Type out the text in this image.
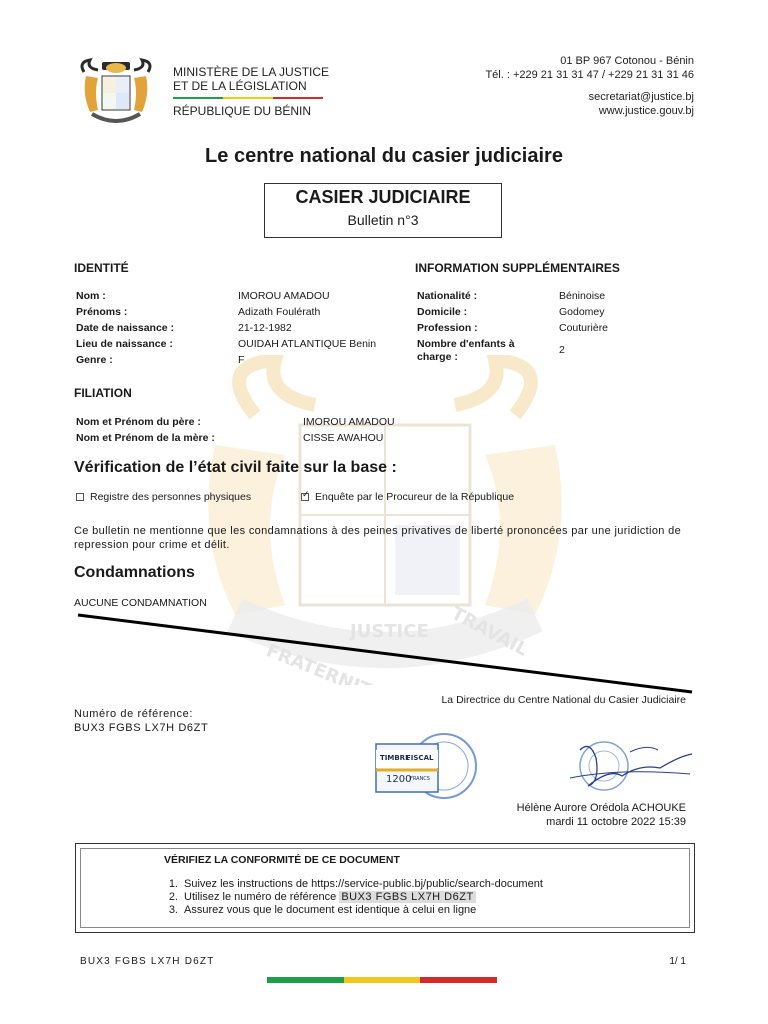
MINISTÈRE DE LA JUSTICE
ET DE LA LÉGISLATION
RÉPUBLIQUE DU BÉNIN
01 BP 967 Cotonou - Bénin
Tél. : +229 21 31 31 47 / +229 21 31 31 46
secretariat@justice.bj
www.justice.gouv.bj
Le centre national du casier judiciaire
CASIER JUDICIAIRE
Bulletin n°3
FRATERNITE
JUSTICE TRAVAIL
IDENTITÉ
Nom :	IMOROU AMADOU
Prénoms :	Adizath Foulérath
Date de naissance :	21-12-1982
Lieu de naissance :	OUIDAH ATLANTIQUE Benin
Genre :	F
INFORMATION SUPPLÉMENTAIRES
Nationalité :	Béninoise
Domicile :	Godomey
Profession :	Couturière
Nombre d'enfants à
charge :
2
FILIATION
Nom et Prénom du père :	IMOROU AMADOU
Nom et Prénom de la mère :	CISSE AWAHOU
Vérification de l’état civil faite sur la base :
Registre des personnes physiques
✓	Enquête par le Procureur de la République
Ce bulletin ne mentionne que les condamnations à des peines privatives de liberté prononcées par une juridiction de repression pour crime et délit.
Condamnations
AUCUNE CONDAMNATION
La Directrice du Centre National du Casier Judiciaire
Numéro de référence:
BUX3 FGBS LX7H D6ZT
TIMBRE
FISCAL
1200
FRANCS
Hélène Aurore Orédola ACHOUKE
mardi 11 octobre 2022 15:39
VÉRIFIEZ LA CONFORMITÉ DE CE DOCUMENT
1. Suivez les instructions de https://service-public.bj/public/search-document
2. Utilisez le numéro de référence BUX3 FGBS LX7H D6ZT
3. Assurez vous que le document est identique à celui en ligne
BUX3 FGBS LX7H D6ZT	1/ 1
